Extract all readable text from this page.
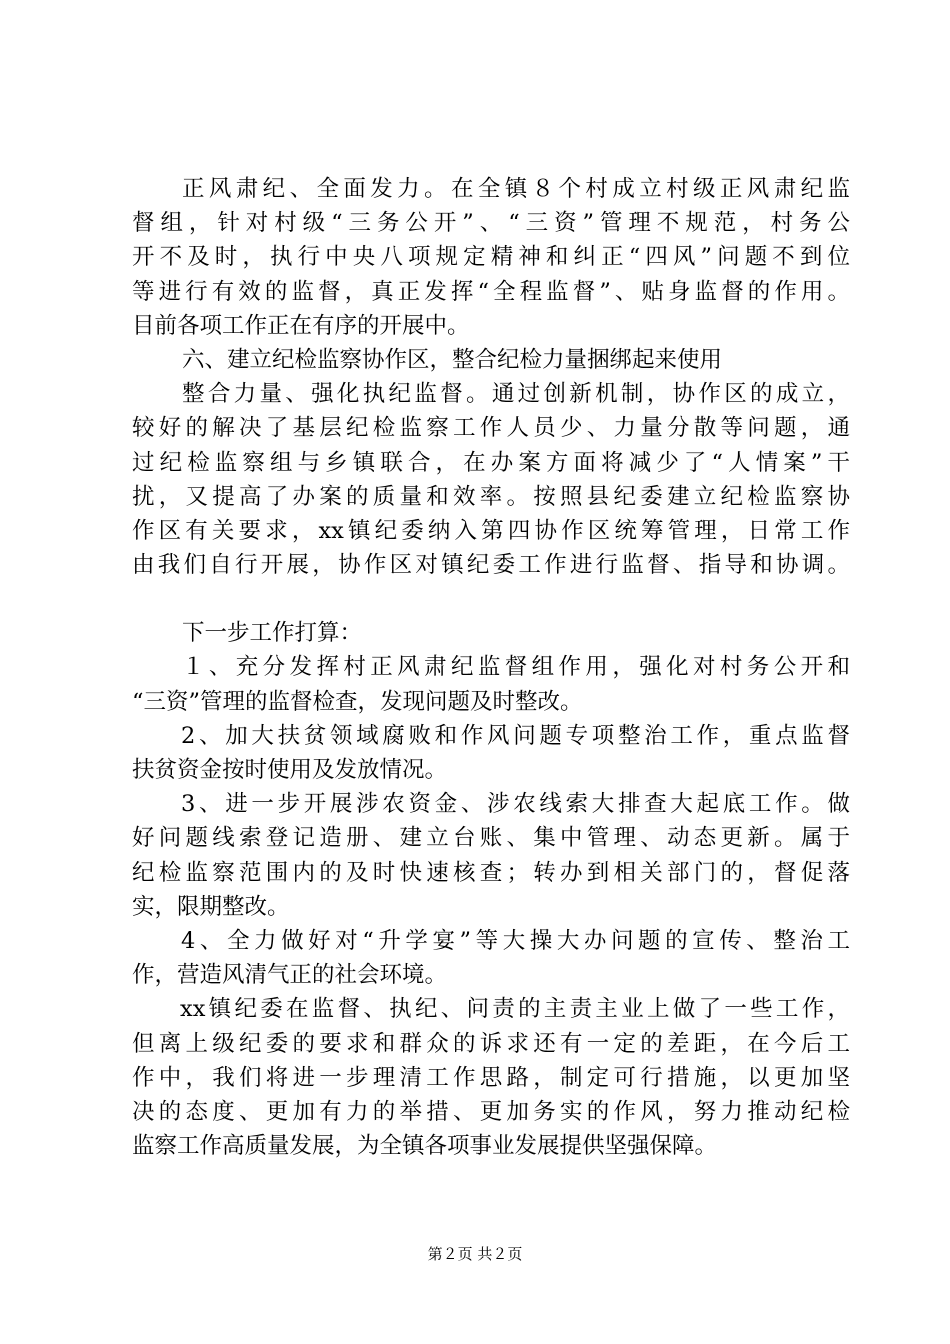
正风肃纪、全面发力。在全镇８个村成立村级正风肃纪监
督组，针对村级“三务公开”、“三资”管理不规范，村务公
开不及时，执行中央八项规定精神和纠正“四风”问题不到位
等进行有效的监督，真正发挥“全程监督”、贴身监督的作用。
目前各项工作正在有序的开展中。
六、建立纪检监察协作区，整合纪检力量捆绑起来使用
整合力量、强化执纪监督。通过创新机制，协作区的成立，
较好的解决了基层纪检监察工作人员少、力量分散等问题，通
过纪检监察组与乡镇联合，在办案方面将减少了“人情案”干
扰，又提高了办案的质量和效率。按照县纪委建立纪检监察协
作区有关要求，xx镇纪委纳入第四协作区统筹管理，日常工作
由我们自行开展，协作区对镇纪委工作进行监督、指导和协调。
下一步工作打算：
１、充分发挥村正风肃纪监督组作用，强化对村务公开和
“三资”管理的监督检查，发现问题及时整改。
2、加大扶贫领域腐败和作风问题专项整治工作，重点监督
扶贫资金按时使用及发放情况。
3、进一步开展涉农资金、涉农线索大排查大起底工作。做
好问题线索登记造册、建立台账、集中管理、动态更新。属于
纪检监察范围内的及时快速核查；转办到相关部门的，督促落
实，限期整改。
4、全力做好对“升学宴”等大操大办问题的宣传、整治工
作，营造风清气正的社会环境。
xx镇纪委在监督、执纪、问责的主责主业上做了一些工作，
但离上级纪委的要求和群众的诉求还有一定的差距，在今后工
作中，我们将进一步理清工作思路，制定可行措施，以更加坚
决的态度、更加有力的举措、更加务实的作风，努力推动纪检
监察工作高质量发展，为全镇各项事业发展提供坚强保障。
第２页 共２页
